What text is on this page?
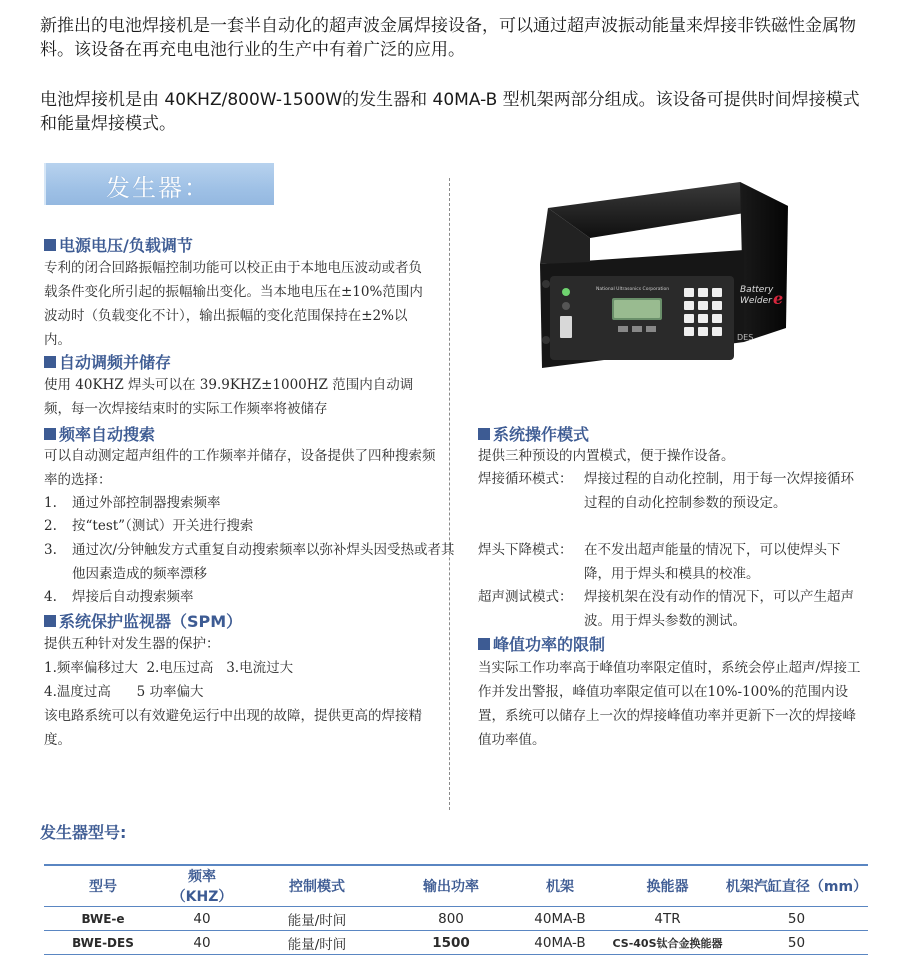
新推出的电池焊接机是一套半自动化的超声波金属焊接设备，可以通过超声波振动能量来焊接非铁磁性金属物料。该设备在再充电电池行业的生产中有着广泛的应用。
电池焊接机是由 40KHZ/800W-1500W的发生器和 40MA-B 型机架两部分组成。该设备可提供时间焊接模式和能量焊接模式。
发生器：
电源电压/负载调节
专利的闭合回路振幅控制功能可以校正由于本地电压波动或者负载条件变化所引起的振幅输出变化。当本地电压在±10%范围内波动时（负载变化不计），输出振幅的变化范围保持在±2%以内。
自动调频并储存
使用 40KHZ 焊头可以在 39.9KHZ±1000HZ 范围内自动调频，每一次焊接结束时的实际工作频率将被储存
频率自动搜索
可以自动测定超声组件的工作频率并储存，设备提供了四种搜索频率的选择：
1. 通过外部控制器搜索频率
2. 按“test”（测试）开关进行搜索
3. 通过次/分钟触发方式重复自动搜索频率以弥补焊头因受热或者其他因素造成的频率漂移
4. 焊接后自动搜索频率
系统保护监视器（SPM）
提供五种针对发生器的保护：
1.频率偏移过大  2.电压过高   3.电流过大
4.温度过高      5 功率偏大
该电路系统可以有效避免运行中出现的故障，提供更高的焊接精度。
National Ultrasonics Corporation	Battery
Welder e
DES
系统操作模式
提供三种预设的内置模式，便于操作设备。
焊接循环模式： 焊接过程的自动化控制，用于每一次焊接循环过程的自动化控制参数的预设定。
焊头下降模式： 在不发出超声能量的情况下，可以使焊头下降，用于焊头和模具的校准。
超声测试模式： 焊接机架在没有动作的情况下，可以产生超声波。用于焊头参数的测试。
峰值功率的限制
当实际工作功率高于峰值功率限定值时，系统会停止超声/焊接工作并发出警报，峰值功率限定值可以在10%-100%的范围内设置，系统可以储存上一次的焊接峰值功率并更新下一次的焊接峰值功率值。
发生器型号:
型号	频率（KHZ）	控制模式	输出功率	机架	换能器	机架汽缸直径（mm）
BWE-e	40	能量/时间	800	40MA-B	4TR	50
BWE-DES	40	能量/时间	1500	40MA-B	CS-40S钛合金换能器	50
